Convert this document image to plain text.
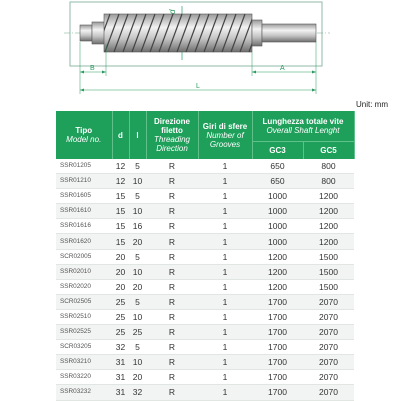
d
B	A
L
Unit: mm
Tipo
Model no.	d	l	Direzione filetto
Threading Direction	Giri di sfere
Number of Grooves	Lunghezza totale vite
Overall Shaft Lenght	

					GC3	GC5
SSR01205	12	5	R	1	650	800
SSR01210	12	10	R	1	650	800
SSR01605	15	5	R	1	1000	1200
SSR01610	15	10	R	1	1000	1200
SSR01616	15	16	R	1	1000	1200
SSR01620	15	20	R	1	1000	1200
SCR02005	20	5	R	1	1200	1500
SSR02010	20	10	R	1	1200	1500
SSR02020	20	20	R	1	1200	1500
SCR02505	25	5	R	1	1700	2070
SSR02510	25	10	R	1	1700	2070
SSR02525	25	25	R	1	1700	2070
SCR03205	32	5	R	1	1700	2070
SSR03210	31	10	R	1	1700	2070
SSR03220	31	20	R	1	1700	2070
SSR03232	31	32	R	1	1700	2070
